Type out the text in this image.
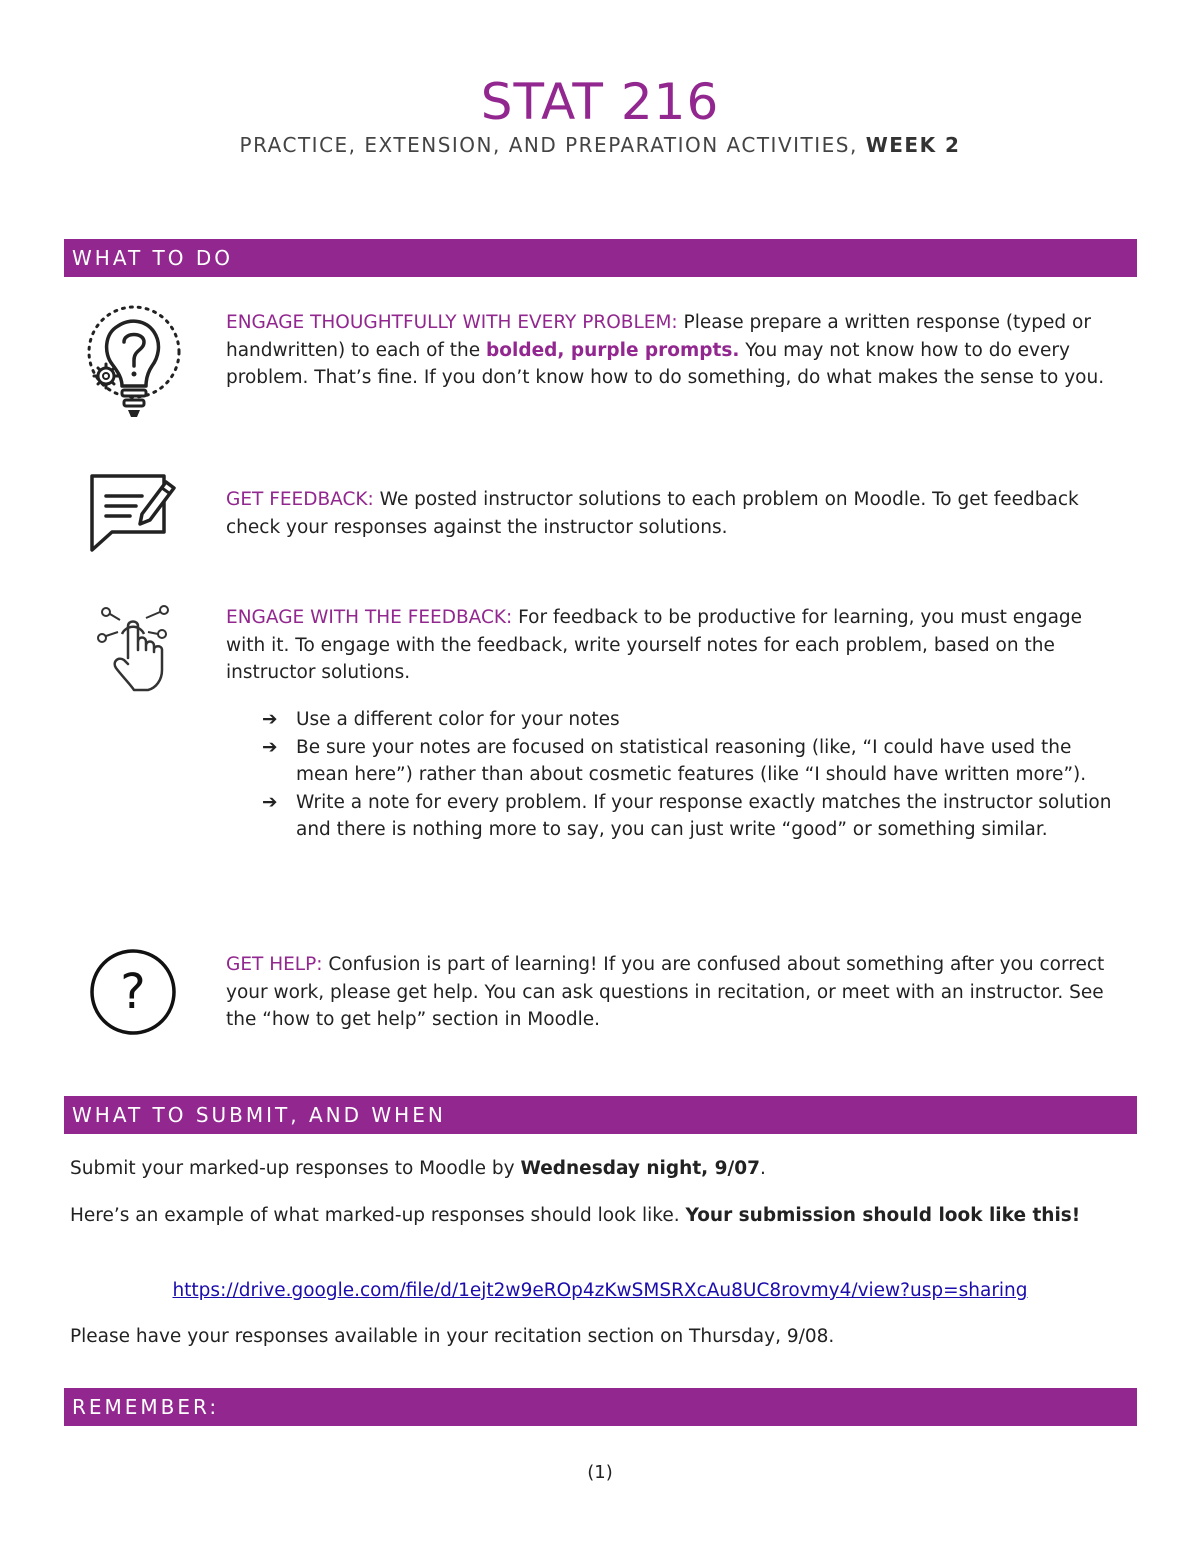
STAT 216
PRACTICE, EXTENSION, AND PREPARATION ACTIVITIES, WEEK 2
WHAT TO DO
ENGAGE THOUGHTFULLY WITH EVERY PROBLEM: Please prepare a written response (typed or handwritten) to each of the bolded, purple prompts. You may not know how to do every problem. That’s fine. If you don’t know how to do something, do what makes the sense to you.
GET FEEDBACK: We posted instructor solutions to each problem on Moodle. To get feedback check your responses against the instructor solutions.
ENGAGE WITH THE FEEDBACK: For feedback to be productive for learning, you must engage with it. To engage with the feedback, write yourself notes for each problem, based on the instructor solutions.
➔ Use a different color for your notes
➔ Be sure your notes are focused on statistical reasoning (like, “I could have used the mean here”) rather than about cosmetic features (like “I should have written more”).
➔ Write a note for every problem. If your response exactly matches the instructor solution and there is nothing more to say, you can just write “good” or something similar.
?	GET HELP: Confusion is part of learning! If you are confused about something after you correct your work, please get help. You can ask questions in recitation, or meet with an instructor. See the “how to get help” section in Moodle.
WHAT TO SUBMIT, AND WHEN
Submit your marked-up responses to Moodle by Wednesday night, 9/07.
Here’s an example of what marked-up responses should look like. Your submission should look like this!
https://drive.google.com/file/d/1ejt2w9eROp4zKwSMSRXcAu8UC8rovmy4/view?usp=sharing
Please have your responses available in your recitation section on Thursday, 9/08.
REMEMBER:
(1)
